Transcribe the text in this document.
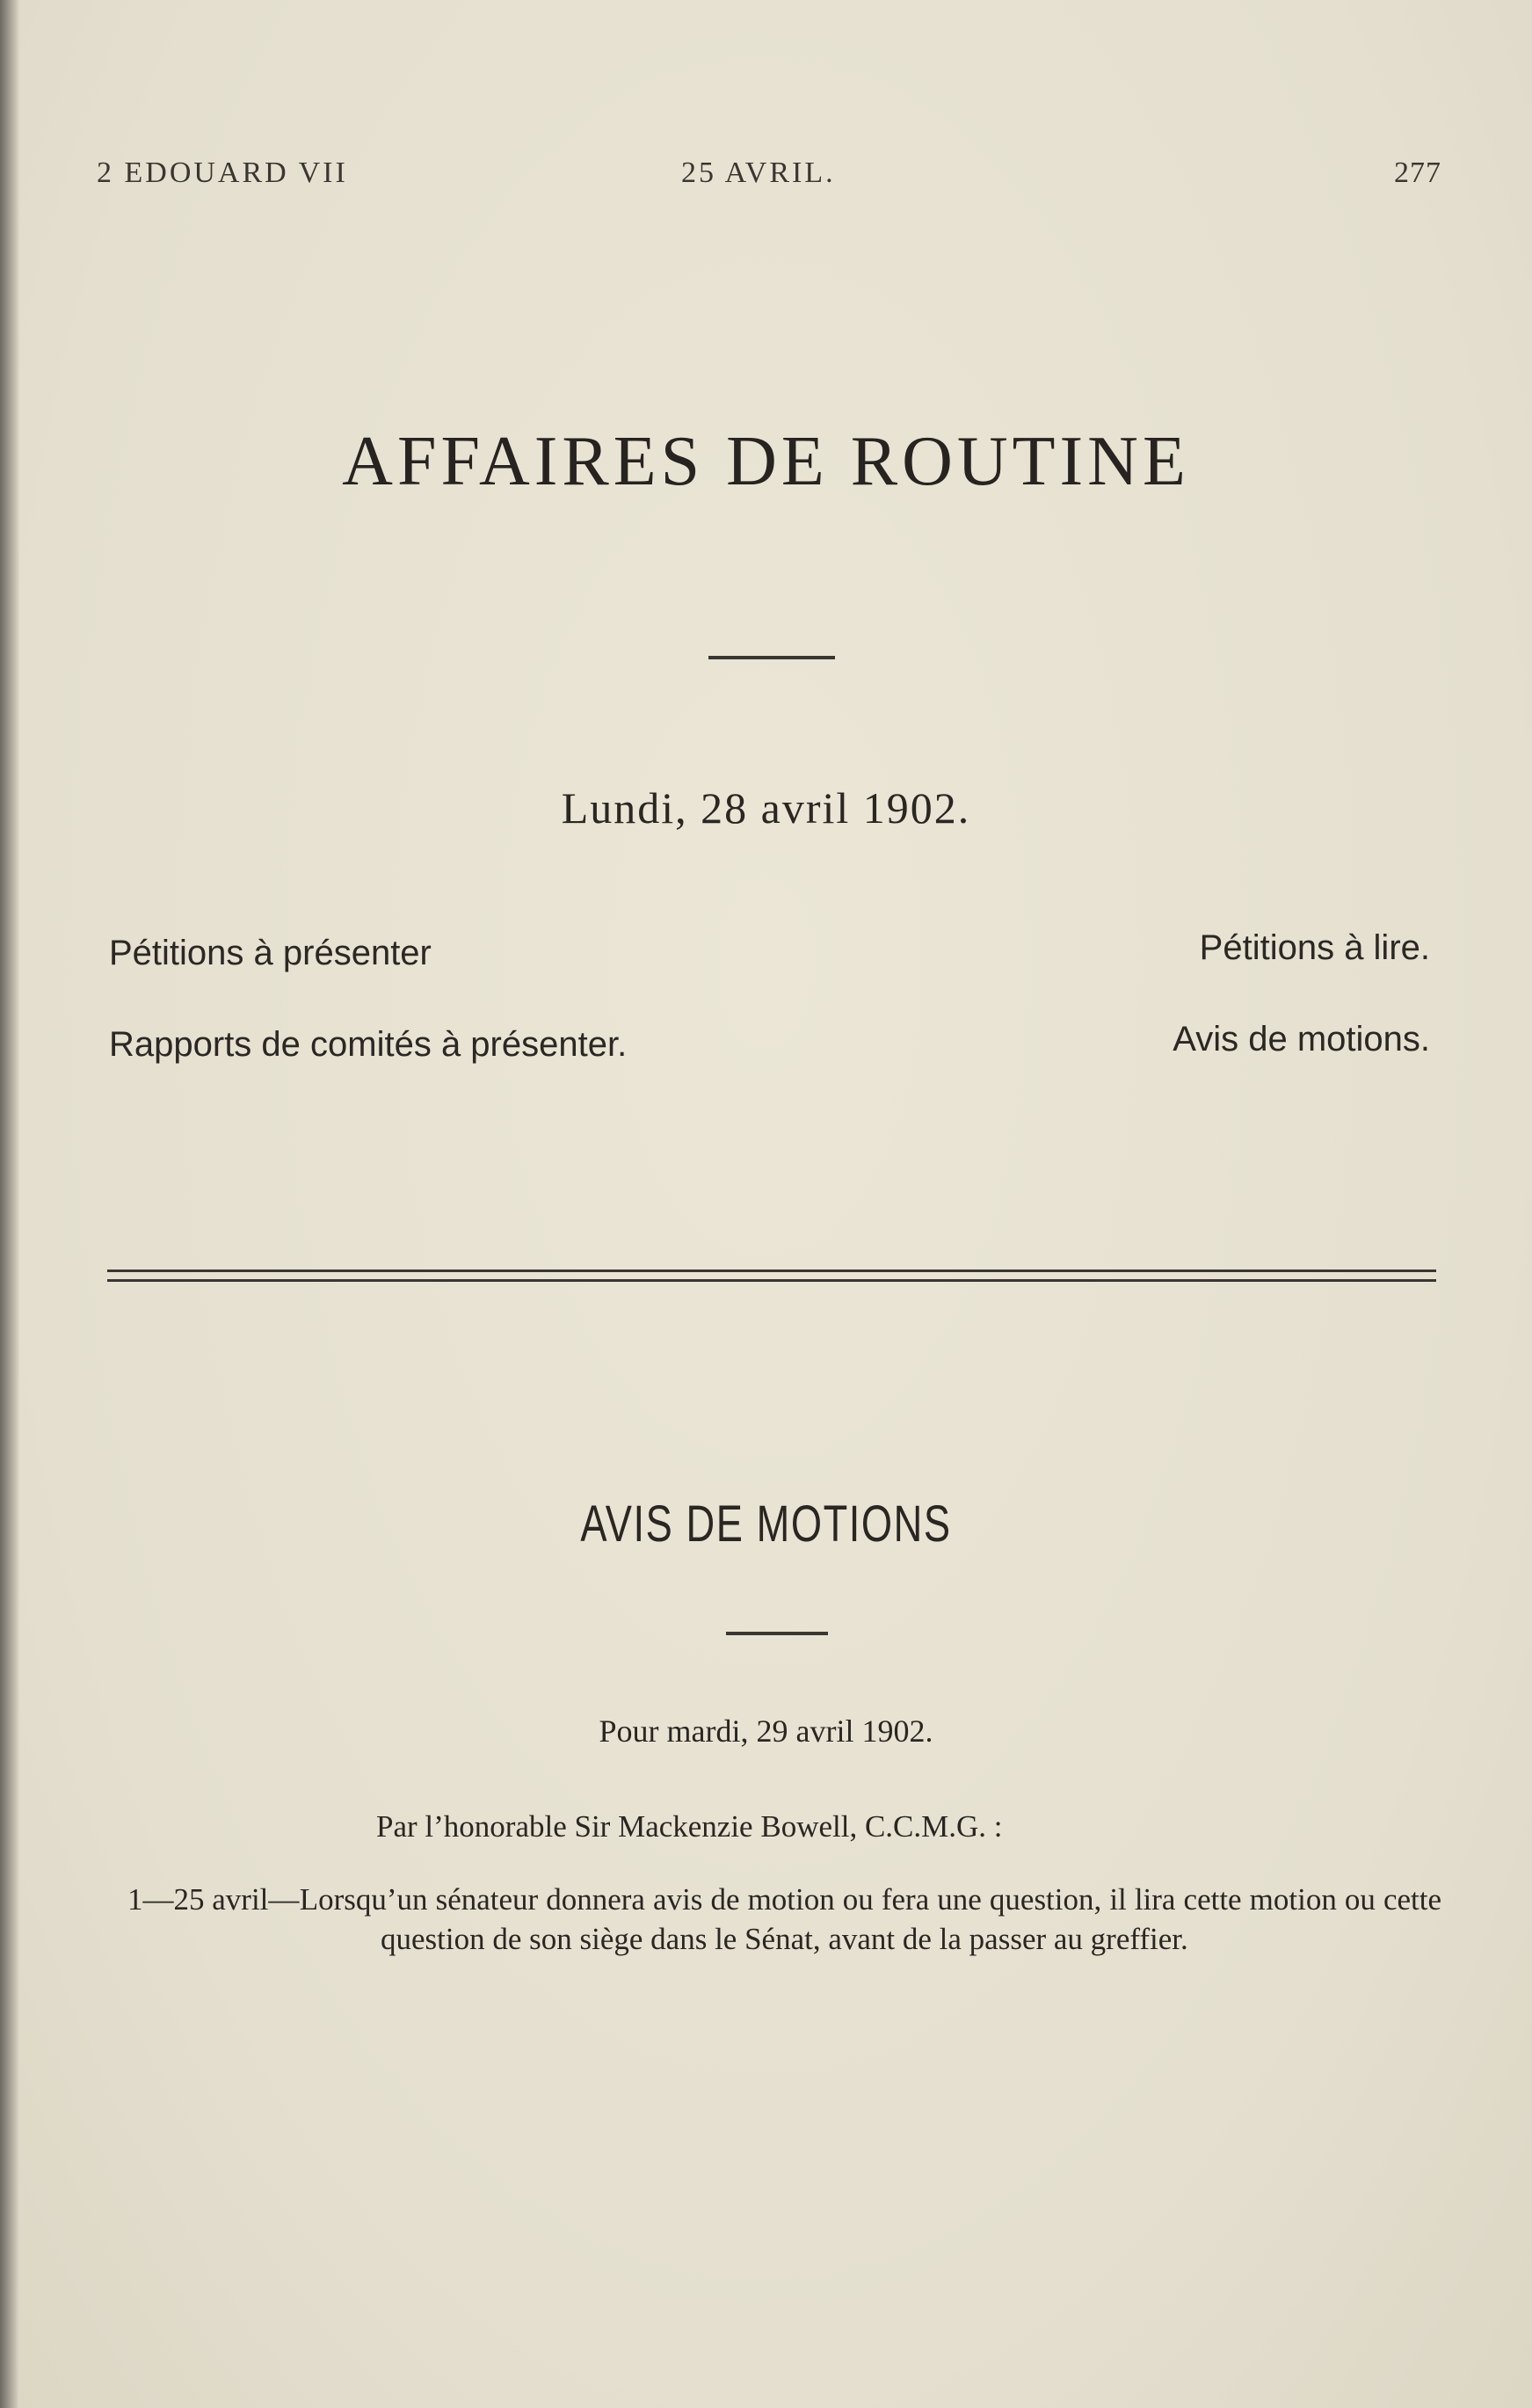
2 EDOUARD VII	25 AVRIL.	277
AFFAIRES DE ROUTINE
Lundi, 28 avril 1902.
Pétitions à présenter	Pétitions à lire.
Rapports de comités à présenter.	Avis de motions.
AVIS DE MOTIONS
Pour mardi, 29 avril 1902.
Par l’honorable Sir Mackenzie Bowell, C.C.M.G. :
1—25 avril— Lorsqu’un sénateur donnera avis de motion ou fera une question, il lira cette motion ou cette question de son siège dans le Sénat, avant de la passer au greffier.
